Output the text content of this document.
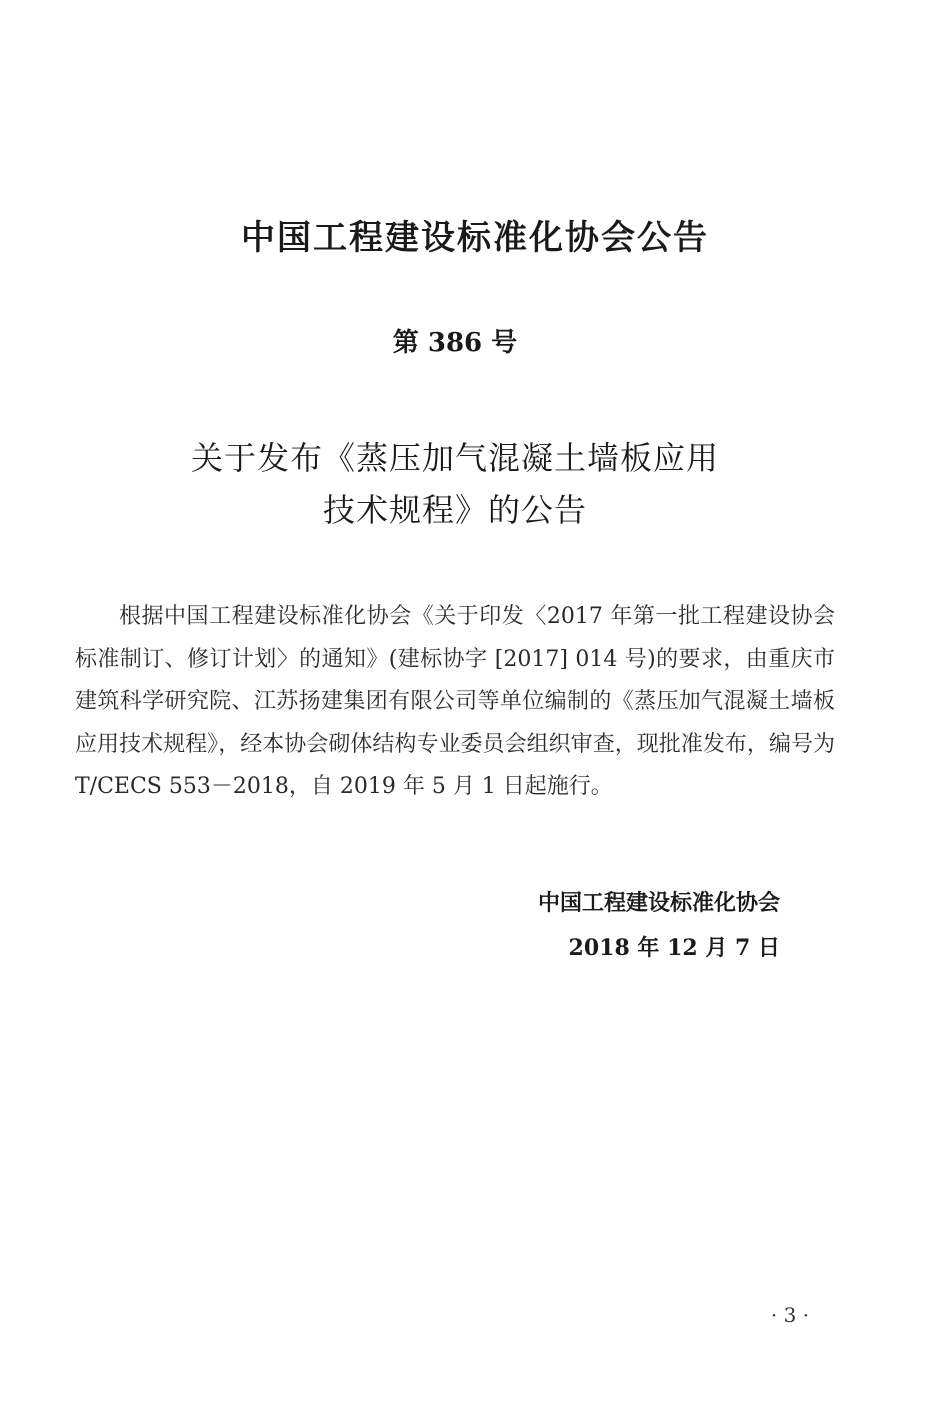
中国工程建设标准化协会公告
第 386 号
关于发布《蒸压加气混凝土墙板应用
技术规程》的公告
根据中国工程建设标准化协会《关于印发〈2017 年第一批工程建设协会标准制订、修订计划〉的通知》(建标协字 [2017] 014 号)的要求，由重庆市建筑科学研究院、江苏扬建集团有限公司等单位编制的《蒸压加气混凝土墙板应用技术规程》，经本协会砌体结构专业委员会组织审查，现批准发布，编号为 T/CECS 553－2018，自 2019 年 5 月 1 日起施行。
中国工程建设标准化协会
2018 年 12 月 7 日
· 3 ·
